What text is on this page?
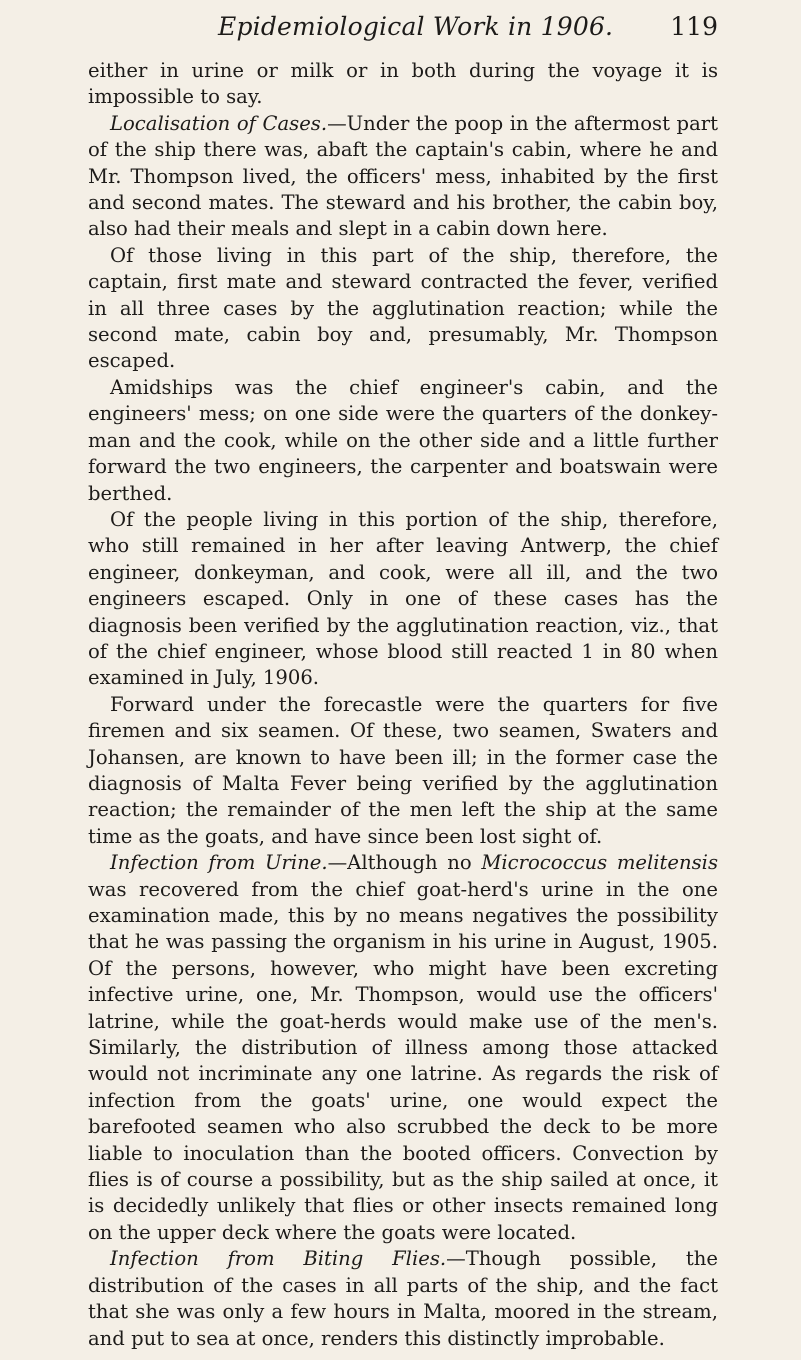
Epidemiological Work in 1906. 119

either in urine or milk or in both during the voyage it is impossible to say.

Localisation of Cases.—Under the poop in the aftermost part of the ship there was, abaft the captain's cabin, where he and Mr. Thompson lived, the officers' mess, inhabited by the first and second mates. The steward and his brother, the cabin boy, also had their meals and slept in a cabin down here.

Of those living in this part of the ship, therefore, the captain, first mate and steward contracted the fever, verified in all three cases by the agglutination reaction; while the second mate, cabin boy and, presumably, Mr. Thompson escaped.

Amidships was the chief engineer's cabin, and the engineers' mess; on one side were the quarters of the donkey-man and the cook, while on the other side and a little further forward the two engineers, the carpenter and boatswain were berthed.

Of the people living in this portion of the ship, therefore, who still remained in her after leaving Antwerp, the chief engineer, donkeyman, and cook, were all ill, and the two engineers escaped. Only in one of these cases has the diagnosis been verified by the agglutination reaction, viz., that of the chief engineer, whose blood still reacted 1 in 80 when examined in July, 1906.

Forward under the forecastle were the quarters for five firemen and six seamen. Of these, two seamen, Swaters and Johansen, are known to have been ill; in the former case the diagnosis of Malta Fever being verified by the agglutination reaction; the remainder of the men left the ship at the same time as the goats, and have since been lost sight of.

Infection from Urine.—Although no Micrococcus melitensis was recovered from the chief goat-herd's urine in the one examination made, this by no means negatives the possibility that he was passing the organism in his urine in August, 1905. Of the persons, however, who might have been excreting infective urine, one, Mr. Thompson, would use the officers' latrine, while the goat-herds would make use of the men's. Similarly, the distribution of illness among those attacked would not incriminate any one latrine. As regards the risk of infection from the goats' urine, one would expect the barefooted seamen who also scrubbed the deck to be more liable to inoculation than the booted officers. Convection by flies is of course a possibility, but as the ship sailed at once, it is decidedly unlikely that flies or other insects remained long on the upper deck where the goats were located.

Infection from Biting Flies.—Though possible, the distribution of the cases in all parts of the ship, and the fact that she was only a few hours in Malta, moored in the stream, and put to sea at once, renders this distinctly improbable.
